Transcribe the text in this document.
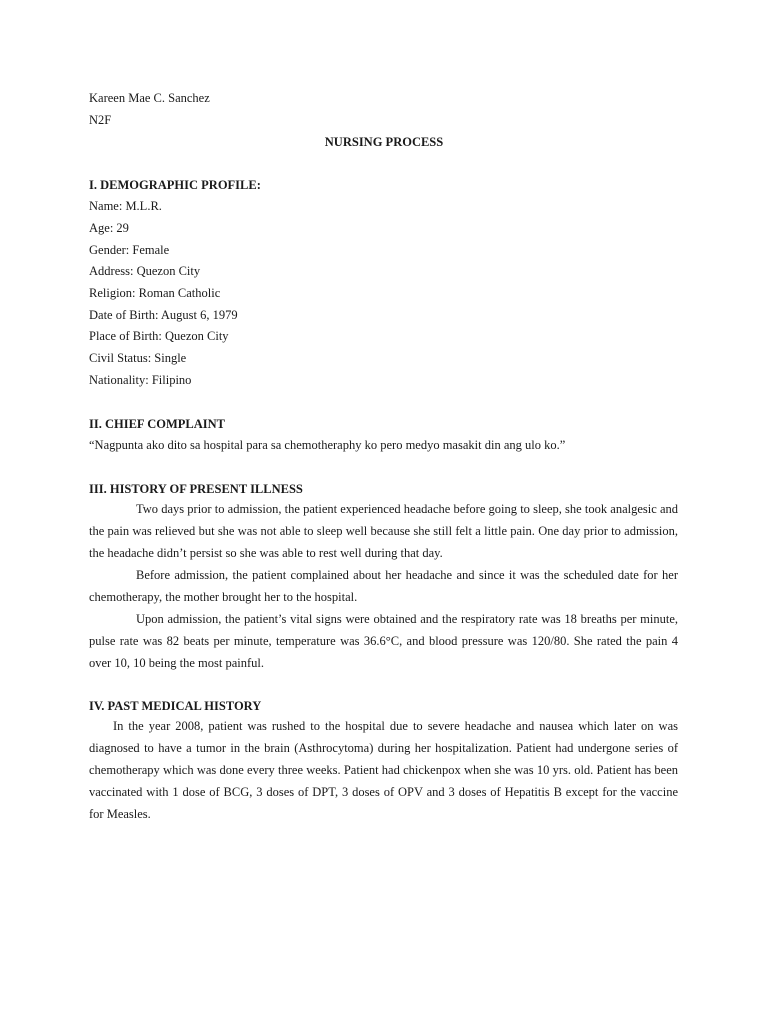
Kareen Mae C. Sanchez
N2F
NURSING PROCESS
I. DEMOGRAPHIC PROFILE:
Name: M.L.R.
Age: 29
Gender: Female
Address: Quezon City
Religion: Roman Catholic
Date of Birth: August 6, 1979
Place of Birth: Quezon City
Civil Status: Single
Nationality: Filipino
II. CHIEF COMPLAINT
“Nagpunta ako dito sa hospital para sa chemotheraphy ko pero medyo masakit din ang ulo ko.”
III. HISTORY OF PRESENT ILLNESS

Two days prior to admission, the patient experienced headache before going to sleep, she took analgesic and the pain was relieved but she was not able to sleep well because she still felt a little pain. One day prior to admission, the headache didn’t persist so she was able to rest well during that day.

Before admission, the patient complained about her headache and since it was the scheduled date for her chemotherapy, the mother brought her to the hospital.

Upon admission, the patient’s vital signs were obtained and the respiratory rate was 18 breaths per minute, pulse rate was 82 beats per minute, temperature was 36.6°C, and blood pressure was 120/80. She rated the pain 4 over 10, 10 being the most painful.

IV. PAST MEDICAL HISTORY

In the year 2008, patient was rushed to the hospital due to severe headache and nausea which later on was diagnosed to have a tumor in the brain (Asthrocytoma) during her hospitalization. Patient had undergone series of chemotherapy which was done every three weeks. Patient had chickenpox when she was 10 yrs. old. Patient has been vaccinated with 1 dose of BCG, 3 doses of DPT, 3 doses of OPV and 3 doses of Hepatitis B except for the vaccine for Measles.
